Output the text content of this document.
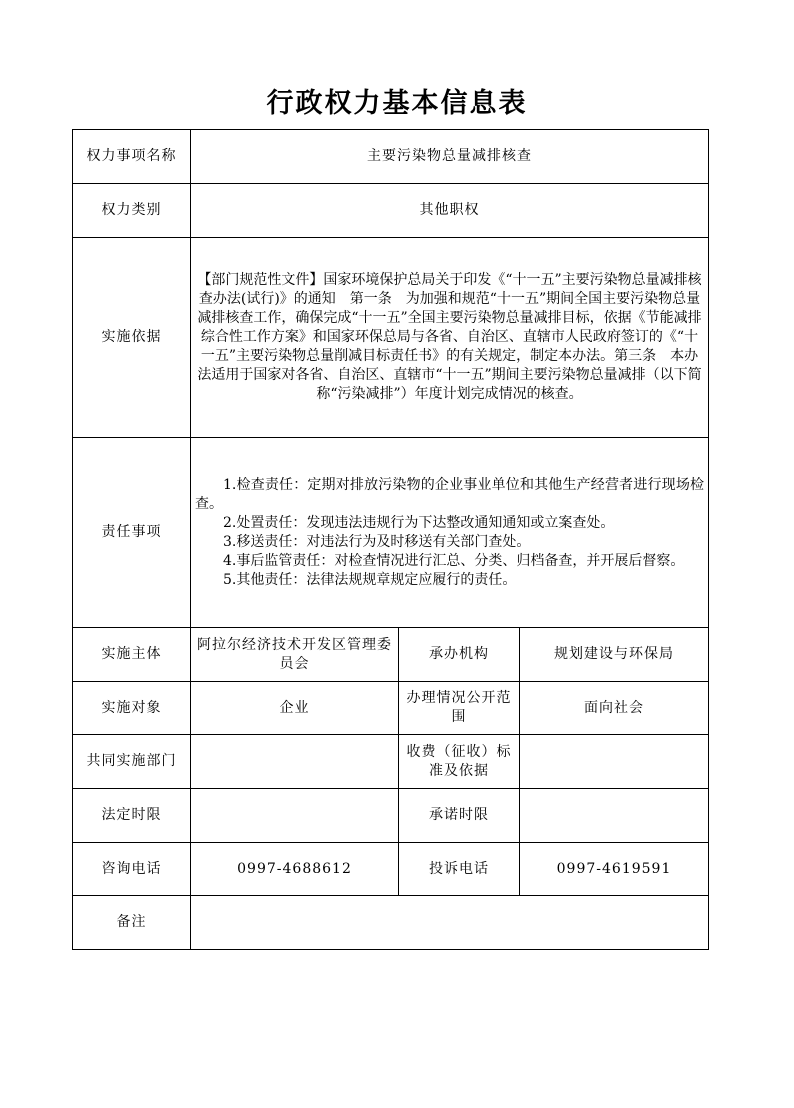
行政权力基本信息表
权力事项名称	主要污染物总量减排核查		
权力类别	其他职权		
实施依据	【部门规范性文件】国家环境保护总局关于印发《“十一五”主要污染物总量减排核查办法(试行)》的通知　第一条　为加强和规范“十一五”期间全国主要污染物总量减排核查工作，确保完成“十一五”全国主要污染物总量减排目标，依据《节能减排综合性工作方案》和国家环保总局与各省、自治区、直辖市人民政府签订的《“十一五”主要污染物总量削减目标责任书》的有关规定，制定本办法。第三条　本办法适用于国家对各省、自治区、直辖市“十一五”期间主要污染物总量减排（以下简称“污染减排”）年度计划完成情况的核查。		
责任事项	1.检查责任：定期对排放污染物的企业事业单位和其他生产经营者进行现场检查。
2.处置责任：发现违法违规行为下达整改通知通知或立案查处。
3.移送责任：对违法行为及时移送有关部门查处。
4.事后监管责任：对检查情况进行汇总、分类、归档备查，并开展后督察。
5.其他责任：法律法规规章规定应履行的责任。		

实施主体	阿拉尔经济技术开发区管理委员会	承办机构	规划建设与环保局
实施对象	企业	办理情况公开范围	面向社会
共同实施部门		收费（征收）标准及依据	
法定时限		承诺时限	
咨询电话	0997-4688612	投诉电话	0997-4619591
备注			
